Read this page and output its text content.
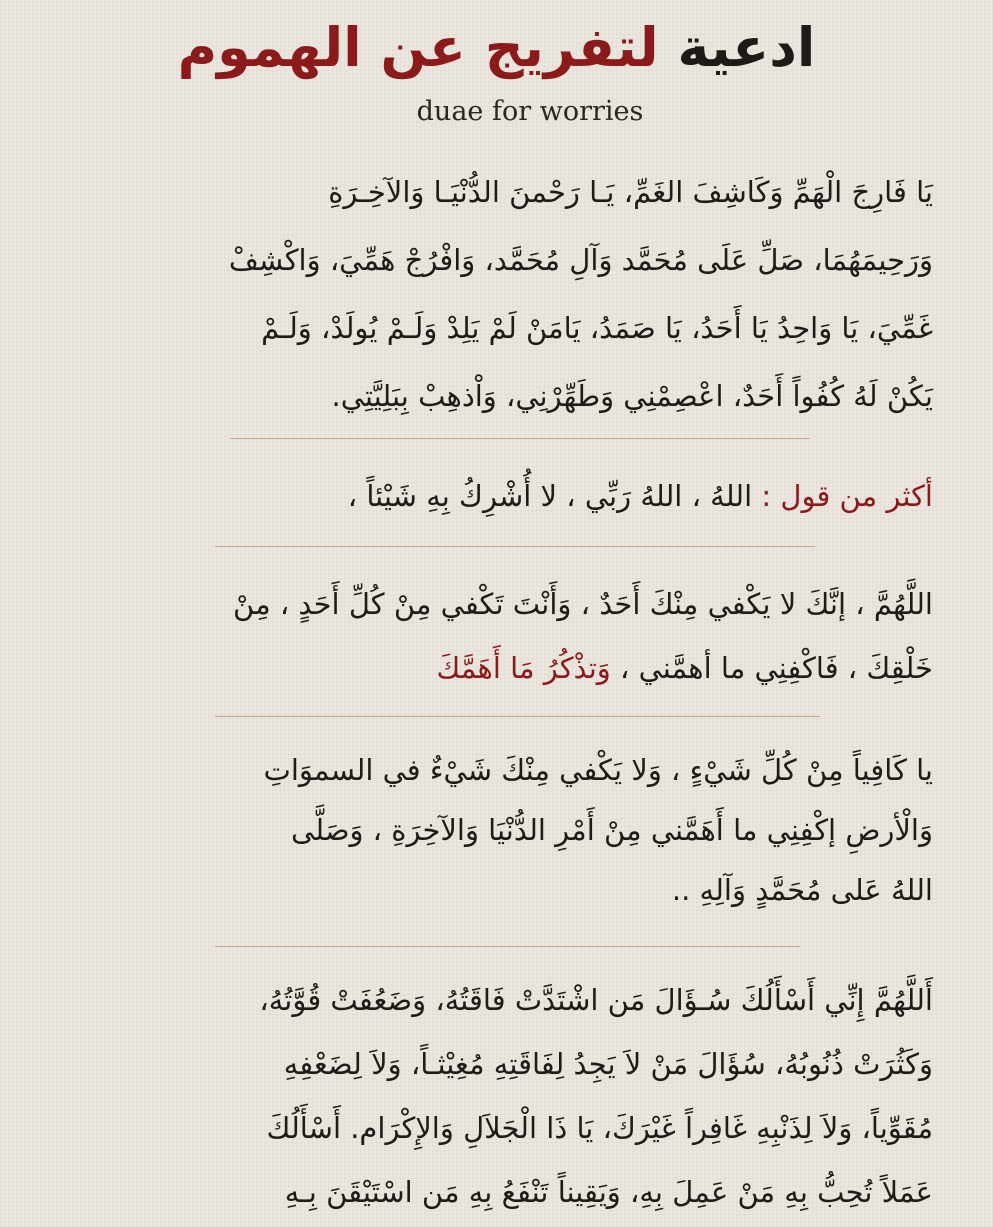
ادعية لتفريج عن الهموم
duae for worries
يَا فَارِجَ الْهَمِّ وَكَاشِفَ الغَمِّ، يَـا رَحْمنَ الدُّنْيَـا وَالآخِـرَةِ
وَرَحِيمَهُمَا، صَلِّ عَلَى مُحَمَّد وَآلِ مُحَمَّد، وَافْرُجْ هَمِّيَ، وَاكْشِفْ
غَمِّيَ، يَا وَاحِدُ يَا أَحَدُ، يَا صَمَدُ، يَامَنْ لَمْ يَلِدْ وَلَـمْ يُولَدْ، وَلَـمْ
يَكُنْ لَهُ كُفُواً أَحَدٌ، اعْصِمْنِي وَطَهِّرْنِي، وَاْذهِبْ بِبَلِيَّتِي.
أكثر من قول : اللهُ ، اللهُ رَبِّي ، لا أُشْرِكُ بِهِ شَيْئاً ،
اللَّهُمَّ ، إنَّكَ لا يَكْفي مِنْكَ أَحَدٌ ، وَأَنْتَ تَكْفي مِنْ كُلِّ أَحَدٍ ، مِنْ
خَلْقِكَ ، فَاكْفِنِي ما أهمَّني ، وَتذْكُرُ مَا أَهَمَّكَ
يا كَافِياً مِنْ كُلِّ شَيْءٍ ، وَلا يَكْفي مِنْكَ شَيْءٌ في السموَاتِ
وَالْأرضِ إكْفِنِي ما أَهَمَّني مِنْ أَمْرِ الدُّنْيَا وَالآخِرَةِ ، وَصَلَّى
اللهُ عَلى مُحَمَّدٍ وَآلِهِ ..
أَللَّهُمَّ إِنِّي أَسْأَلُكَ سُـؤَالَ مَن اشْتَدَّتْ فَاقَتُهُ، وَضَعُفَتْ قُوَّتُهُ،
وَكَثُرَتْ ذُنُوبُهُ، سُؤَالَ مَنْ لاَ يَجِدُ لِفَاقَتِهِ مُغِيْثـاً، وَلاَ لِضَعْفِهِ
مُقَوِّياً، وَلاَ لِذَنْبِهِ غَافِراً غَيْرَكَ، يَا ذَا الْجَلاَلِ وَالإِكْرَام. أَسْأَلُكَ
عَمَلاً تُحِبُّ بِهِ مَنْ عَمِلَ بِهِ، وَيَقِيناً تَنْفَعُ بِهِ مَن اسْتَيْقَنَ بِـهِ
